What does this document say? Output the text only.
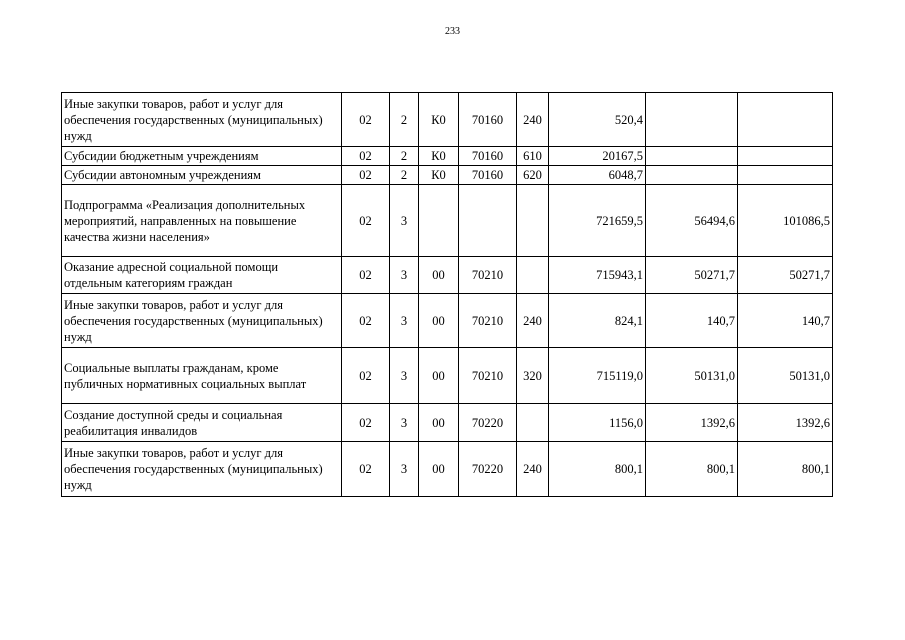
233
Иные закупки товаров, работ и услуг для обеспечения государственных (муниципальных) нужд	02	2	К0	70160	240	520,4		
Субсидии бюджетным учреждениям	02	2	К0	70160	610	20167,5		
Субсидии автономным учреждениям	02	2	К0	70160	620	6048,7		
Подпрограмма «Реализация дополнительных мероприятий, направленных на повышение качества жизни населения»	02	3				721659,5	56494,6	101086,5
Оказание адресной социальной помощи отдельным категориям граждан	02	3	00	70210		715943,1	50271,7	50271,7
Иные закупки товаров, работ и услуг для обеспечения государственных (муниципальных) нужд	02	3	00	70210	240	824,1	140,7	140,7
Социальные выплаты гражданам, кроме публичных нормативных социальных выплат	02	3	00	70210	320	715119,0	50131,0	50131,0
Создание доступной среды и социальная реабилитация инвалидов	02	3	00	70220		1156,0	1392,6	1392,6
Иные закупки товаров, работ и услуг для обеспечения государственных (муниципальных) нужд	02	3	00	70220	240	800,1	800,1	800,1
